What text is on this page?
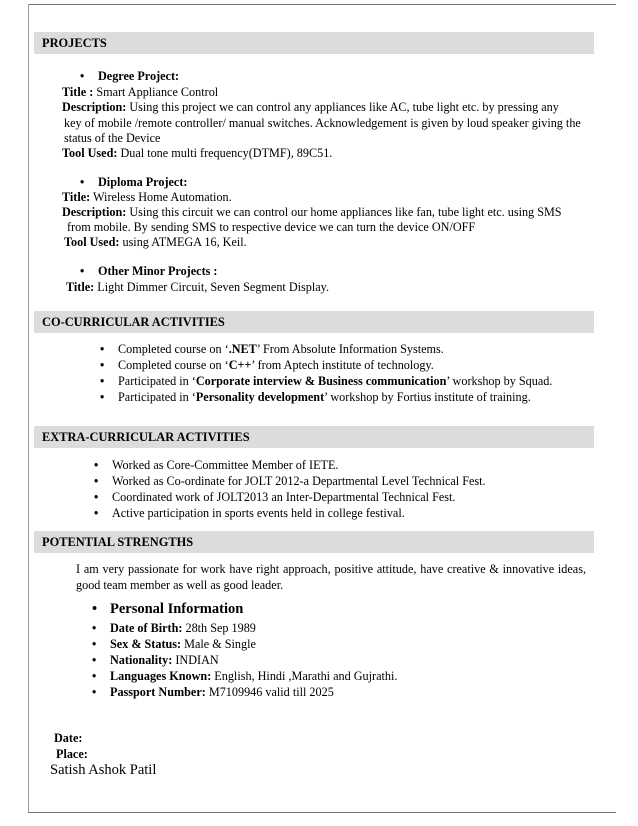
PROJECTS
• Degree Project:
Title : Smart Appliance Control
Description: Using this project we can control any appliances like AC, tube light etc. by pressing any
key of mobile /remote controller/ manual switches. Acknowledgement is given by loud speaker giving the
status of the Device
Tool Used: Dual tone multi frequency(DTMF), 89C51.
• Diploma Project:
Title: Wireless Home Automation.
Description: Using this circuit we can control our home appliances like fan, tube light etc. using SMS
from mobile. By sending SMS to respective device we can turn the device ON/OFF
Tool Used: using ATMEGA 16, Keil.
• Other Minor Projects :
Title: Light Dimmer Circuit, Seven Segment Display.
CO-CURRICULAR ACTIVITIES
• Completed course on ‘.NET’ From Absolute Information Systems.
• Completed course on ‘C++’ from Aptech institute of technology.
• Participated in ‘Corporate interview & Business communication’ workshop by Squad.
• Participated in ‘Personality development’ workshop by Fortius institute of training.
EXTRA-CURRICULAR ACTIVITIES
• Worked as Core-Committee Member of IETE.
• Worked as Co-ordinate for JOLT 2012-a Departmental Level Technical Fest.
• Coordinated work of JOLT2013 an Inter-Departmental Technical Fest.
• Active participation in sports events held in college festival.
POTENTIAL STRENGTHS
I am very passionate for work have right approach, positive attitude, have creative & innovative ideas, good team member as well as good leader.
• Personal Information
• Date of Birth: 28th Sep 1989
• Sex & Status: Male & Single
• Nationality: INDIAN
• Languages Known: English, Hindi ,Marathi and Gujrathi.
• Passport Number: M7109946 valid till 2025
Date:
Place:
Satish Ashok Patil
